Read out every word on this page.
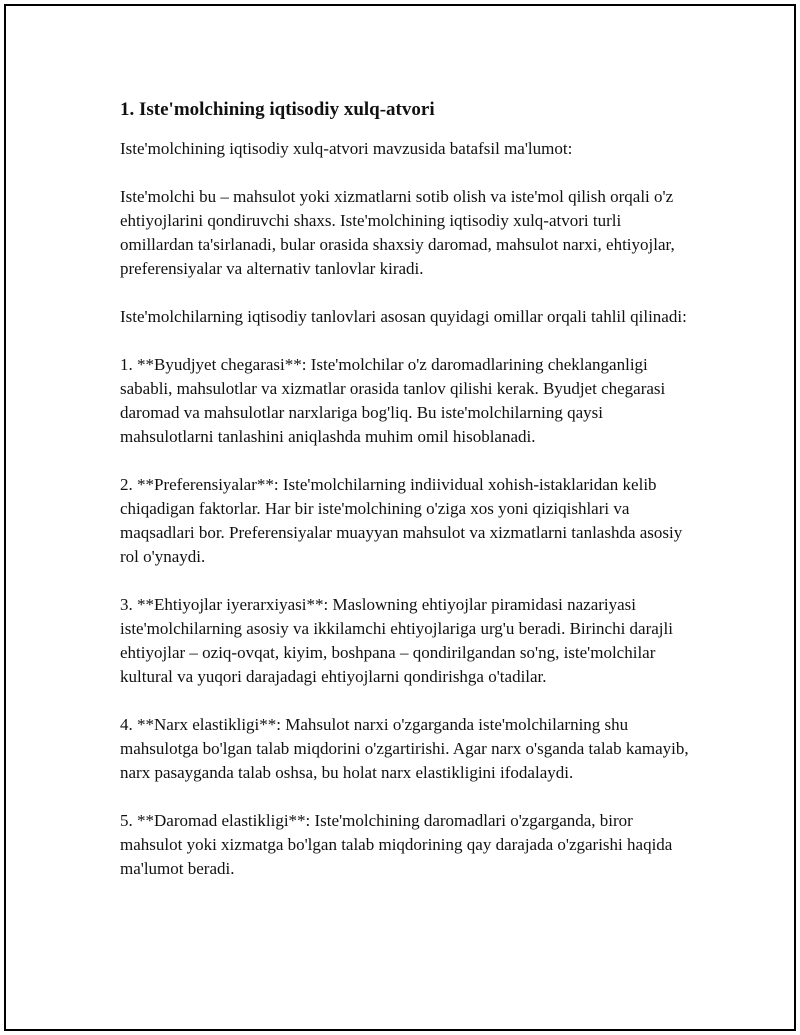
1. Iste'molchining iqtisodiy xulq-atvori

Iste'molchining iqtisodiy xulq-atvori mavzusida batafsil ma'lumot:

Iste'molchi bu – mahsulot yoki xizmatlarni sotib olish va iste'mol qilish orqali o'z ehtiyojlarini qondiruvchi shaxs. Iste'molchining iqtisodiy xulq-atvori turli omillardan ta'sirlanadi, bular orasida shaxsiy daromad, mahsulot narxi, ehtiyojlar, preferensiyalar va alternativ tanlovlar kiradi.

Iste'molchilarning iqtisodiy tanlovlari asosan quyidagi omillar orqali tahlil qilinadi:

1. **Byudjyet chegarasi**: Iste'molchilar o'z daromadlarining cheklanganligi sababli, mahsulotlar va xizmatlar orasida tanlov qilishi kerak. Byudjet chegarasi daromad va mahsulotlar narxlariga bog'liq. Bu iste'molchilarning qaysi mahsulotlarni tanlashini aniqlashda muhim omil hisoblanadi.

2. **Preferensiyalar**: Iste'molchilarning indiividual xohish-istaklaridan kelib chiqadigan faktorlar. Har bir iste'molchining o'ziga xos yoni qiziqishlari va maqsadlari bor. Preferensiyalar muayyan mahsulot va xizmatlarni tanlashda asosiy rol o'ynaydi.

3. **Ehtiyojlar iyerarxiyasi**: Maslowning ehtiyojlar piramidasi nazariyasi iste'molchilarning asosiy va ikkilamchi ehtiyojlariga urg'u beradi. Birinchi darajli ehtiyojlar – oziq-ovqat, kiyim, boshpana – qondirilgandan so'ng, iste'molchilar kultural va yuqori darajadagi ehtiyojlarni qondirishga o'tadilar.

4. **Narx elastikligi**: Mahsulot narxi o'zgarganda iste'molchilarning shu mahsulotga bo'lgan talab miqdorini o'zgartirishi. Agar narx o'sganda talab kamayib, narx pasayganda talab oshsa, bu holat narx elastikligini ifodalaydi.

5. **Daromad elastikligi**: Iste'molchining daromadlari o'zgarganda, biror mahsulot yoki xizmatga bo'lgan talab miqdorining qay darajada o'zgarishi haqida ma'lumot beradi.
